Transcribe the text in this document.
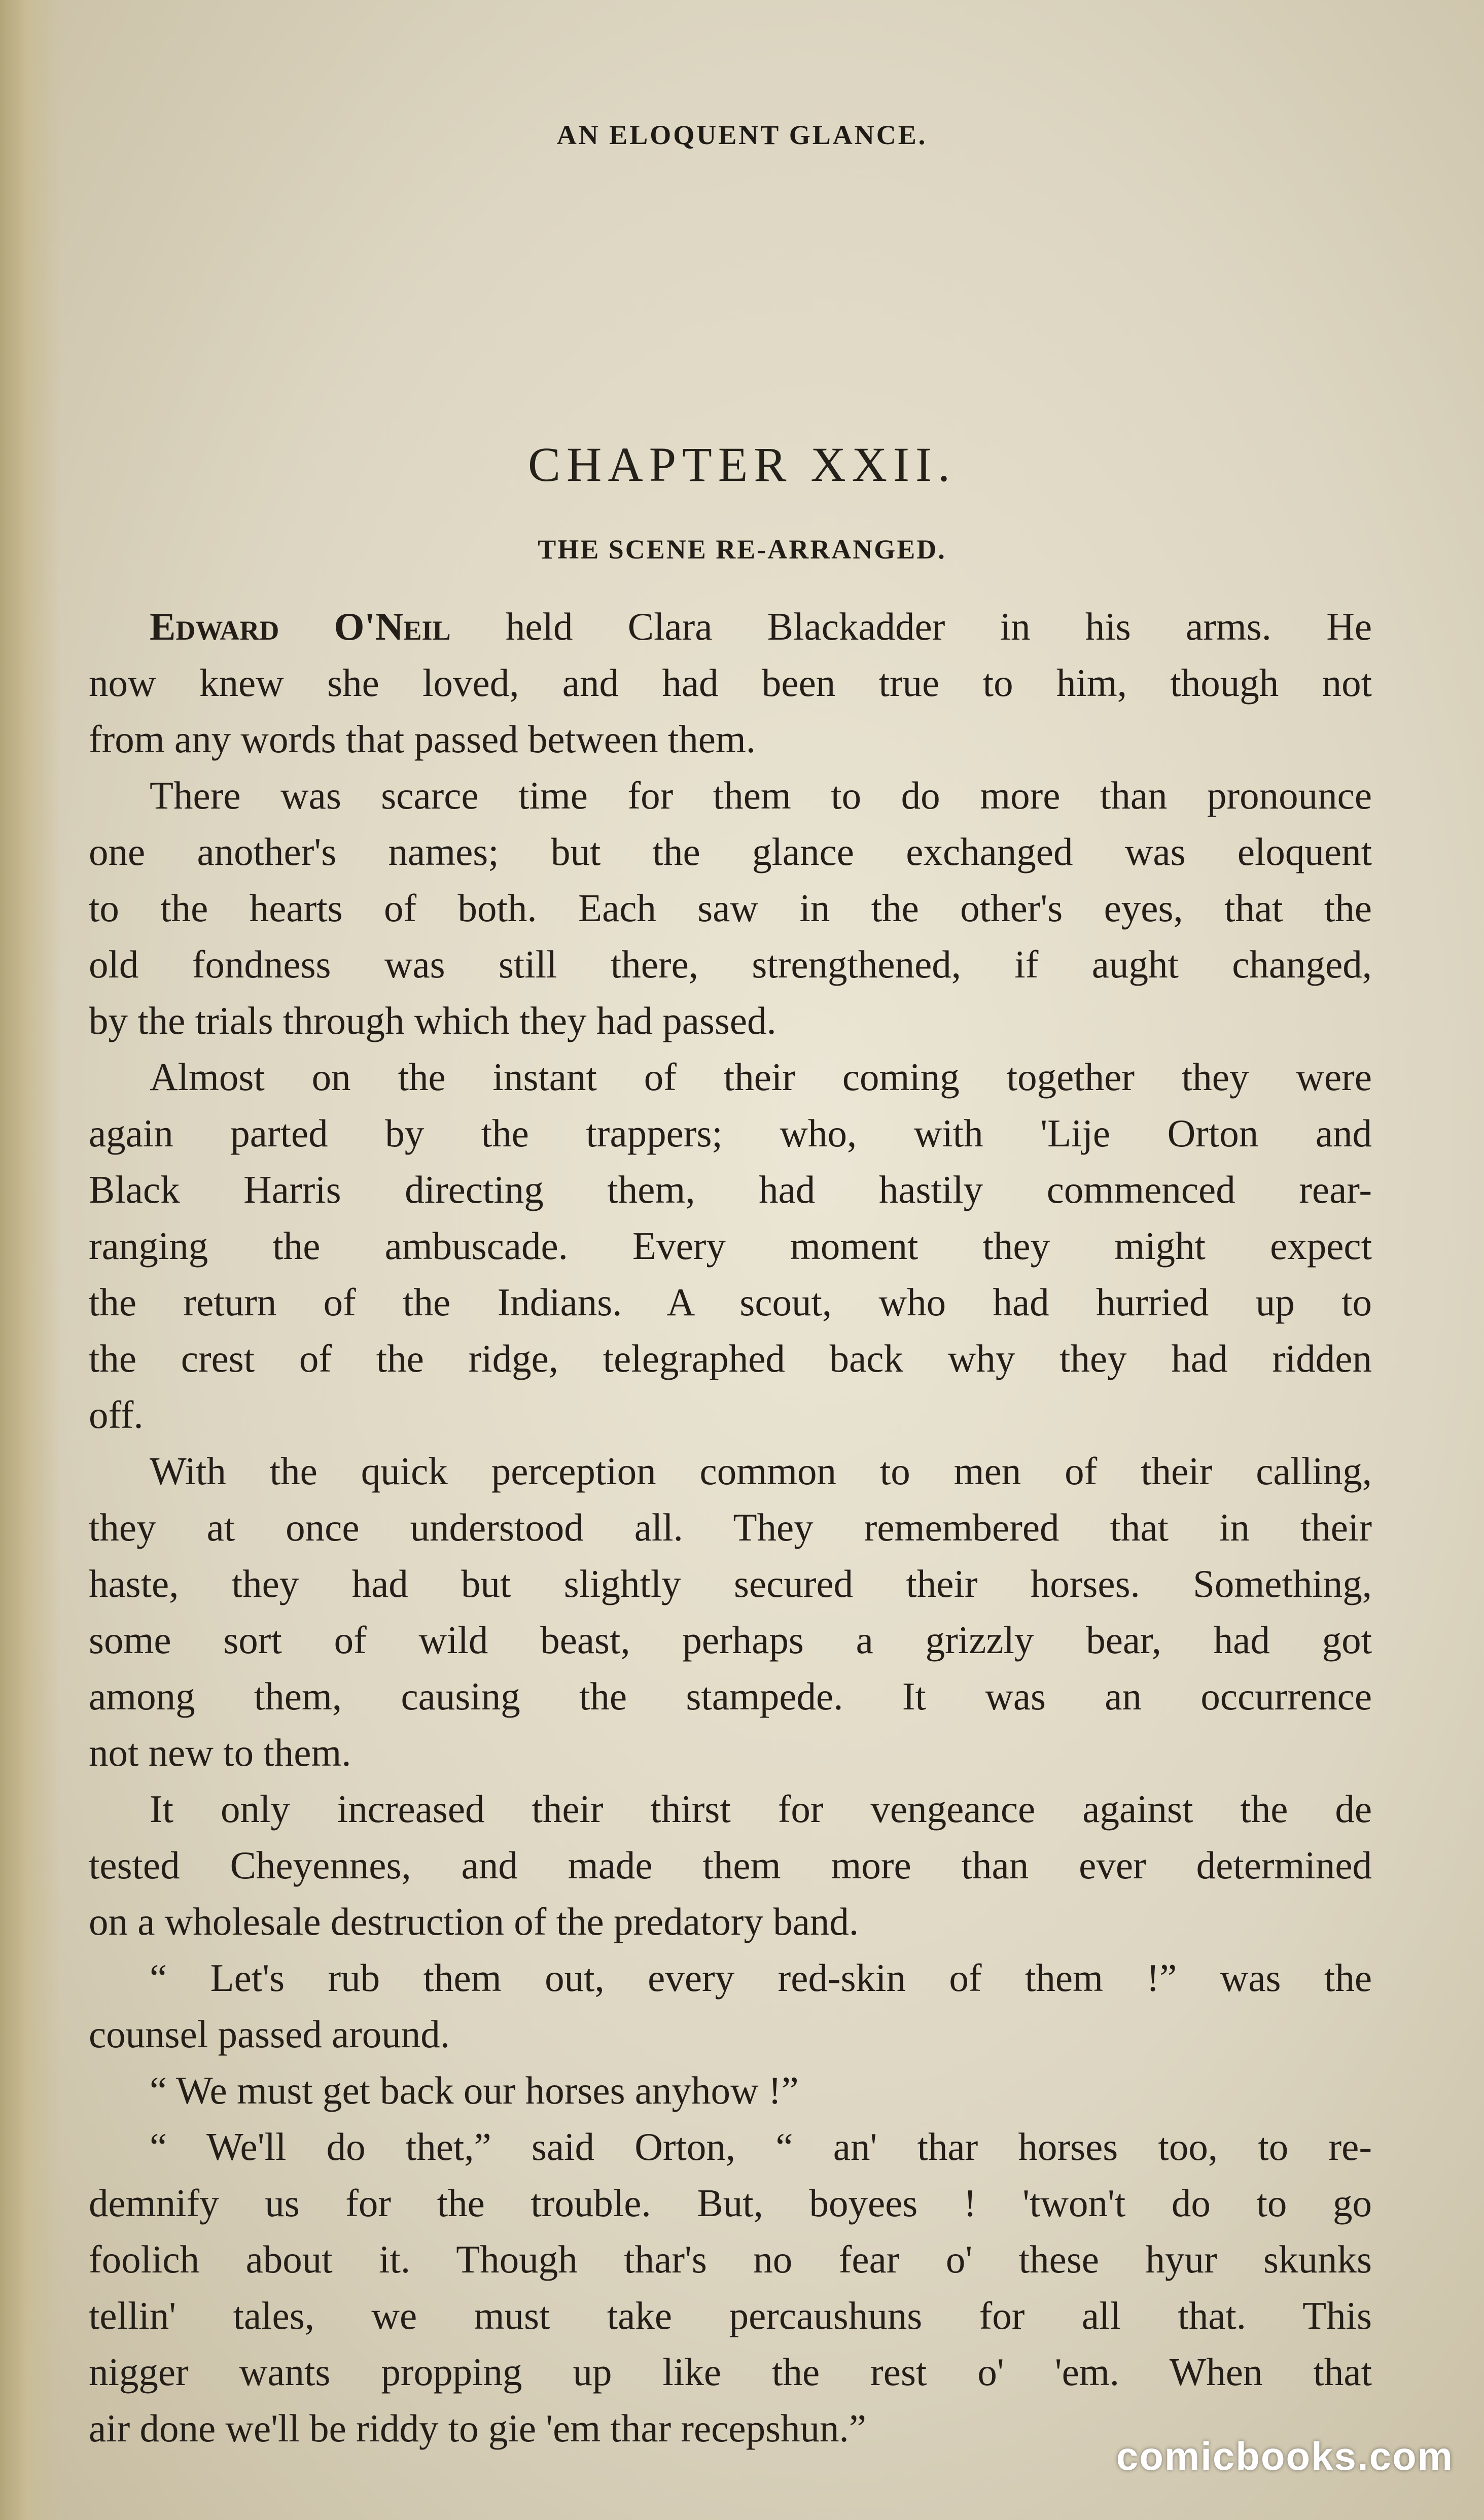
AN ELOQUENT GLANCE.
CHAPTER XXII.
THE SCENE RE-ARRANGED.
Edward O'Neil held Clara Blackadder in his arms. He
now knew she loved, and had been true to him, though not
from any words that passed between them.
There was scarce time for them to do more than pronounce
one another's names; but the glance exchanged was eloquent
to the hearts of both. Each saw in the other's eyes, that the
old fondness was still there, strengthened, if aught changed,
by the trials through which they had passed.
Almost on the instant of their coming together they were
again parted by the trappers; who, with 'Lije Orton and
Black Harris directing them, had hastily commenced rear-
ranging the ambuscade. Every moment they might expect
the return of the Indians. A scout, who had hurried up to
the crest of the ridge, telegraphed back why they had ridden
off.
With the quick perception common to men of their calling,
they at once understood all. They remembered that in their
haste, they had but slightly secured their horses. Something,
some sort of wild beast, perhaps a grizzly bear, had got
among them, causing the stampede. It was an occurrence
not new to them.
It only increased their thirst for vengeance against the de
tested Cheyennes, and made them more than ever determined
on a wholesale destruction of the predatory band.
“ Let's rub them out, every red-skin of them !” was the
counsel passed around.
“ We must get back our horses anyhow !”
“ We'll do thet,” said Orton, “ an' thar horses too, to re-
demnify us for the trouble. But, boyees ! 'twon't do to go
foolich about it. Though thar's no fear o' these hyur skunks
tellin' tales, we must take percaushuns for all that. This
nigger wants propping up like the rest o' 'em. When that
air done we'll be riddy to gie 'em thar recepshun.”
comicbooks.com
